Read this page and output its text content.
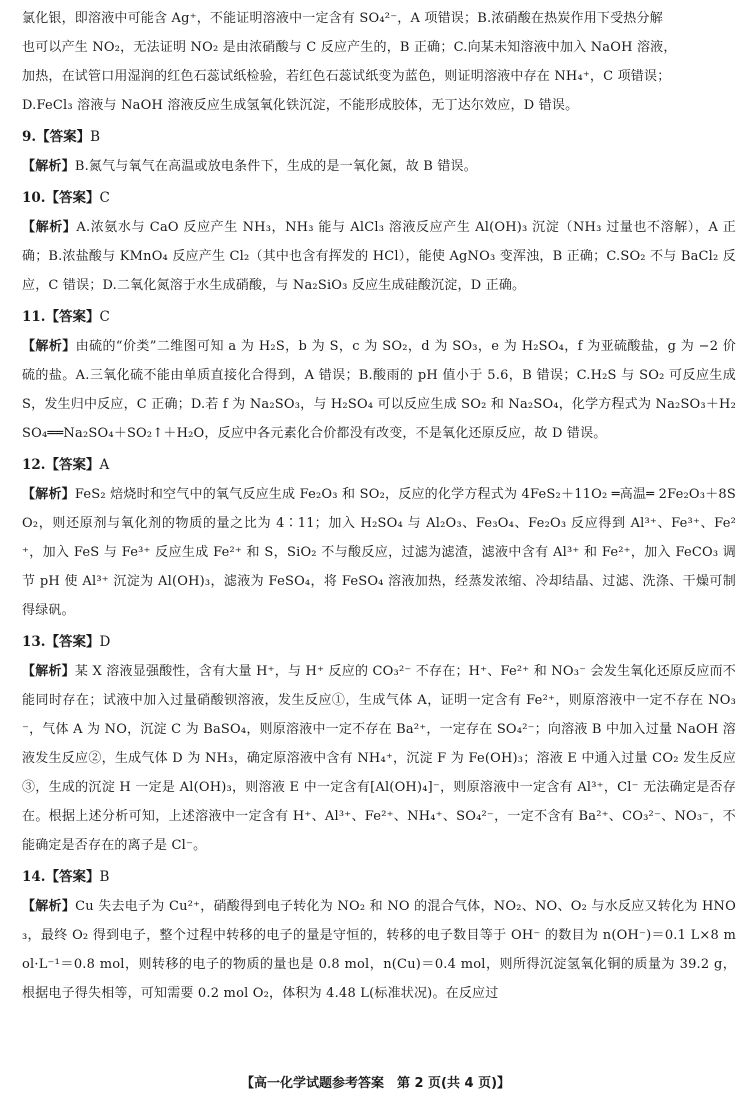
氯化银，即溶液中可能含 Ag⁺，不能证明溶液中一定含有 SO₄²⁻，A 项错误；B.浓硝酸在热炭作用下受热分解

也可以产生 NO₂，无法证明 NO₂ 是由浓硝酸与 C 反应产生的，B 正确；C.向某未知溶液中加入 NaOH 溶液，

加热，在试管口用湿润的红色石蕊试纸检验，若红色石蕊试纸变为蓝色，则证明溶液中存在 NH₄⁺，C 项错误；

D.FeCl₃ 溶液与 NaOH 溶液反应生成氢氧化铁沉淀，不能形成胶体，无丁达尔效应，D 错误。

9.【答案】B

【解析】B.氮气与氧气在高温或放电条件下，生成的是一氧化氮，故 B 错误。

10.【答案】C

【解析】A.浓氨水与 CaO 反应产生 NH₃，NH₃ 能与 AlCl₃ 溶液反应产生 Al(OH)₃ 沉淀（NH₃ 过量也不溶解），A 正确；B.浓盐酸与 KMnO₄ 反应产生 Cl₂（其中也含有挥发的 HCl），能使 AgNO₃ 变浑浊，B 正确；C.SO₂ 不与 BaCl₂ 反应，C 错误；D.二氧化氮溶于水生成硝酸，与 Na₂SiO₃ 反应生成硅酸沉淀，D 正确。

11.【答案】C

【解析】由硫的“价类”二维图可知 a 为 H₂S，b 为 S，c 为 SO₂，d 为 SO₃，e 为 H₂SO₄，f 为亚硫酸盐，g 为 −2 价硫的盐。A.三氧化硫不能由单质直接化合得到，A 错误；B.酸雨的 pH 值小于 5.6，B 错误；C.H₂S 与 SO₂ 可反应生成 S，发生归中反应，C 正确；D.若 f 为 Na₂SO₃，与 H₂SO₄ 可以反应生成 SO₂ 和 Na₂SO₄，化学方程式为 Na₂SO₃＋H₂SO₄══Na₂SO₄＋SO₂↑＋H₂O，反应中各元素化合价都没有改变，不是氧化还原反应，故 D 错误。

12.【答案】A

【解析】FeS₂ 焙烧时和空气中的氧气反应生成 Fe₂O₃ 和 SO₂，反应的化学方程式为 4FeS₂＋11O₂ ═高温═ 2Fe₂O₃＋8SO₂，则还原剂与氧化剂的物质的量之比为 4∶11；加入 H₂SO₄ 与 Al₂O₃、Fe₃O₄、Fe₂O₃ 反应得到 Al³⁺、Fe³⁺、Fe²⁺，加入 FeS 与 Fe³⁺ 反应生成 Fe²⁺ 和 S，SiO₂ 不与酸反应，过滤为滤渣，滤液中含有 Al³⁺ 和 Fe²⁺，加入 FeCO₃ 调节 pH 使 Al³⁺ 沉淀为 Al(OH)₃，滤液为 FeSO₄，将 FeSO₄ 溶液加热，经蒸发浓缩、冷却结晶、过滤、洗涤、干燥可制得绿矾。

13.【答案】D

【解析】某 X 溶液显强酸性，含有大量 H⁺，与 H⁺ 反应的 CO₃²⁻ 不存在；H⁺、Fe²⁺ 和 NO₃⁻ 会发生氧化还原反应而不能同时存在；试液中加入过量硝酸钡溶液，发生反应①，生成气体 A，证明一定含有 Fe²⁺，则原溶液中一定不存在 NO₃⁻，气体 A 为 NO，沉淀 C 为 BaSO₄，则原溶液中一定不存在 Ba²⁺，一定存在 SO₄²⁻；向溶液 B 中加入过量 NaOH 溶液发生反应②，生成气体 D 为 NH₃，确定原溶液中含有 NH₄⁺，沉淀 F 为 Fe(OH)₃；溶液 E 中通入过量 CO₂ 发生反应③，生成的沉淀 H 一定是 Al(OH)₃，则溶液 E 中一定含有[Al(OH)₄]⁻，则原溶液中一定含有 Al³⁺，Cl⁻ 无法确定是否存在。根据上述分析可知，上述溶液中一定含有 H⁺、Al³⁺、Fe²⁺、NH₄⁺、SO₄²⁻，一定不含有 Ba²⁺、CO₃²⁻、NO₃⁻，不能确定是否存在的离子是 Cl⁻。

14.【答案】B

【解析】Cu 失去电子为 Cu²⁺，硝酸得到电子转化为 NO₂ 和 NO 的混合气体，NO₂、NO、O₂ 与水反应又转化为 HNO₃，最终 O₂ 得到电子，整个过程中转移的电子的量是守恒的，转移的电子数目等于 OH⁻ 的数目为 n(OH⁻)＝0.1 L×8 mol·L⁻¹＝0.8 mol，则转移的电子的物质的量也是 0.8 mol，n(Cu)＝0.4 mol，则所得沉淀氢氧化铜的质量为 39.2 g，根据电子得失相等，可知需要 0.2 mol O₂，体积为 4.48 L(标准状况)。在反应过

【高一化学试题参考答案　第 2 页(共 4 页)】
